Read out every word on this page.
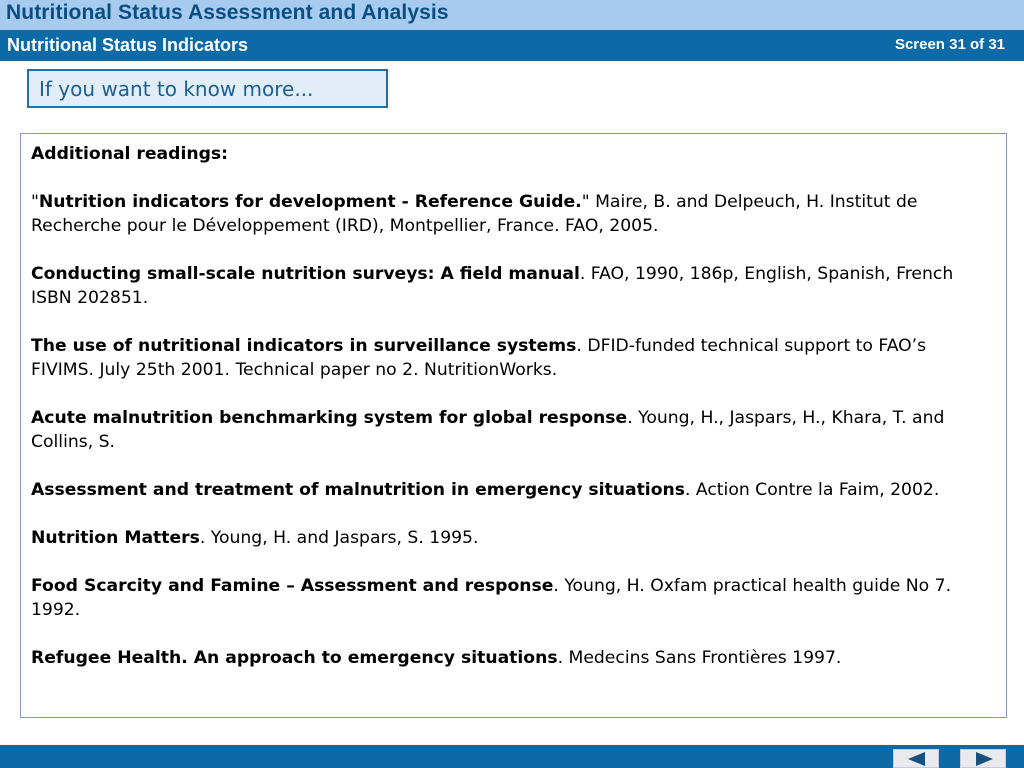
Nutritional Status Assessment and Analysis
Nutritional Status Indicators	Screen 31 of 31
If you want to know more...

Additional readings:

"Nutrition indicators for development - Reference Guide." Maire, B. and Delpeuch, H. Institut de Recherche pour le Développement (IRD), Montpellier, France. FAO, 2005.

Conducting small-scale nutrition surveys: A field manual. FAO, 1990, 186p, English, Spanish, French ISBN 202851.

The use of nutritional indicators in surveillance systems. DFID-funded technical support to FAO’s FIVIMS. July 25th 2001. Technical paper no 2. NutritionWorks.

Acute malnutrition benchmarking system for global response. Young, H., Jaspars, H., Khara, T. and Collins, S.

Assessment and treatment of malnutrition in emergency situations. Action Contre la Faim, 2002.

Nutrition Matters. Young, H. and Jaspars, S. 1995.

Food Scarcity and Famine – Assessment and response. Young, H. Oxfam practical health guide No 7. 1992.

Refugee Health. An approach to emergency situations. Medecins Sans Frontières 1997.
